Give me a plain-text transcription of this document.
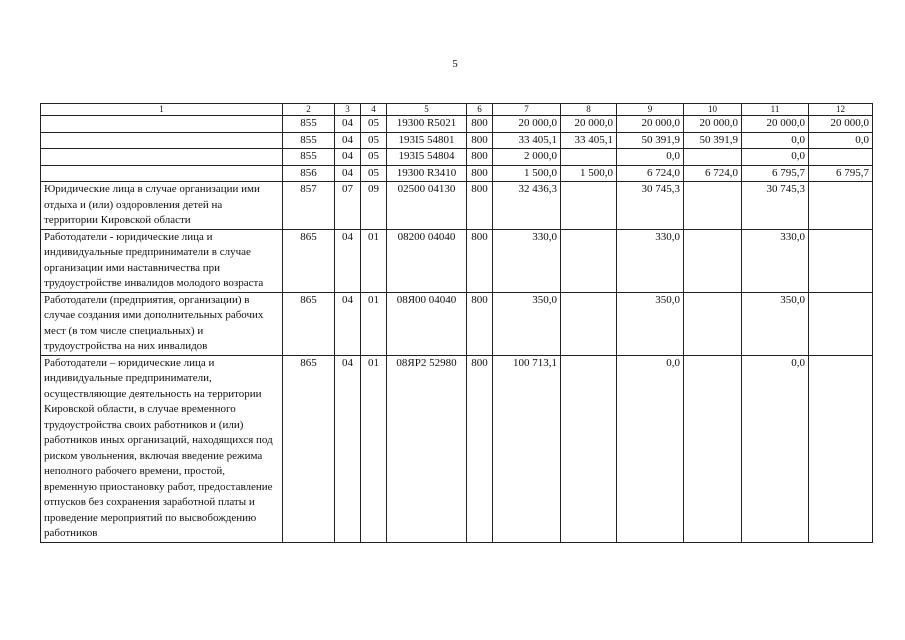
5
1	2	3	4	5	6	7	8	9	10	11	12
	855	04	05	19300 R5021	800	20 000,0	20 000,0	20 000,0	20 000,0	20 000,0	20 000,0
	855	04	05	193I5 54801	800	33 405,1	33 405,1	50 391,9	50 391,9	0,0	0,0
	855	04	05	193I5 54804	800	2 000,0		0,0		0,0	
	856	04	05	19300 R3410	800	1 500,0	1 500,0	6 724,0	6 724,0	6 795,7	6 795,7
Юридические лица в случае организации ими отдыха и (или) оздоровления детей на территории Кировской области	857	07	09	02500 04130	800	32 436,3		30 745,3		30 745,3	
Работодатели - юридические лица и индивидуальные предприниматели в случае организации ими наставничества при трудоустройстве инвалидов молодого возраста	865	04	01	08200 04040	800	330,0		330,0		330,0	
Работодатели (предприятия, организации) в случае создания ими дополнительных рабочих мест (в том числе специальных) и трудоустройства на них инвалидов	865	04	01	08Я00 04040	800	350,0		350,0		350,0	
Работодатели – юридические лица и индивидуальные предприниматели, осуществляющие деятельность на территории Кировской области, в случае временного трудоустройства своих работников и (или) работников иных организаций, находящихся под риском увольнения, включая введение режима неполного рабочего времени, простой, временную приостановку работ, предоставление отпусков без сохранения заработной платы и проведение мероприятий по высвобождению работников	865	04	01	08ЯР2 52980	800	100 713,1		0,0		0,0	
